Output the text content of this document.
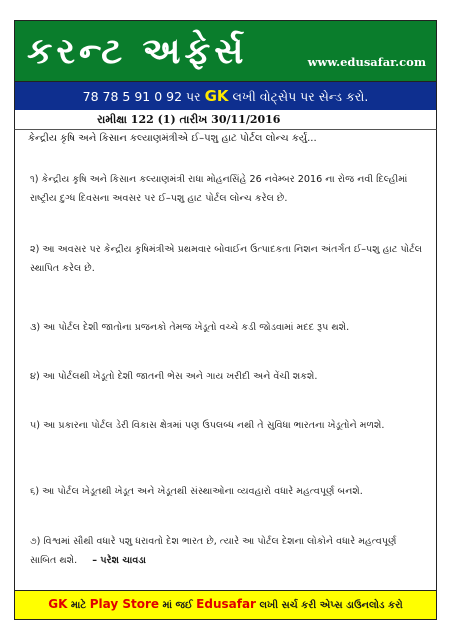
કરન્ટ અફેર્સ	www.edusafar.com
78 78 5 91 0 92 પર GK લખી વોટ્સેપ પર સેન્ડ કરો.
રામીક્ષા 122 (1) તારીખ 30/11/2016
કેન્દ્રીય કૃષિ અને કિસાન કલ્યાણમંત્રીએ ઈ–પશુ હાટ પોર્ટલ લોન્ચ કર્યું...
૧) કેન્દ્રીય કૃષિ અને કિસાન કલ્યાણમંત્રી રાધા મોહનસિંહે 26 નવેમ્બર 2016 ના રોજ નવી દિલ્હીમાં રાષ્ટ્રીય દુગ્ધ દિવસના અવસર પર ઈ–પશુ હાટ પોર્ટલ લોન્ચ કરેલ છે.
૨) આ અવસર પર કેન્દ્રીય કૃષિમંત્રીએ પ્રથમવાર બોવાઈન ઉત્પાદકતા નિશન અંતર્ગત ઈ–પશુ હાટ પોર્ટલ સ્થાપિત કરેલ છે.
૩) આ પોર્ટલ દેશી જાતોના પ્રજનકો તેમજ ખેડૂતો વચ્ચે કડી જોડવામાં મદદ રૂપ થશે.
૪) આ પોર્ટલથી ખેડૂતો દેશી જાતની ભેસ અને ગાય ખરીદી અને વેંચી શકશે.
૫) આ પ્રકારના પોર્ટલ ડેરી વિકાસ ક્ષેત્રમાં પણ ઉપલબ્ધ નથી તે સુવિધા ભારતના ખેડૂતોને મળશે.
૬) આ પોર્ટલ ખેડૂતથી ખેડૂત અને ખેડૂતથી સંસ્થાઓના વ્યવહારો વધારે મહત્વપૂર્ણ બનશે.
૭) વિશ્વમાં સૌથી વધારે પશુ ધરાવતો દેશ ભારત છે, ત્યારે આ પોર્ટલ દેશના લોકોને વધારે મહત્વપૂર્ણ સાબિત થશે. – પરેશ ચાવડા
GK માટે Play Store માં જઈ Edusafar લખી સર્ચ કરી એપ્સ ડાઉનલોડ કરો
